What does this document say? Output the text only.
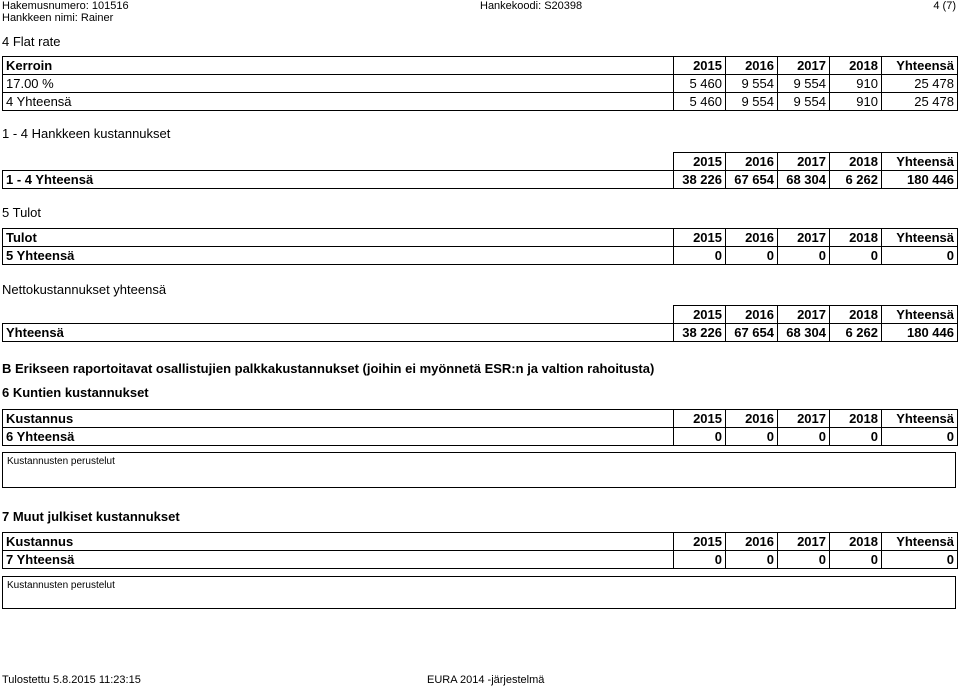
Hakemusnumero: 101516	Hankekoodi: S20398	4 (7)
Hankkeen nimi: Rainer
4 Flat rate
Kerroin	2015	2016	2017	2018	Yhteensä
17.00 %	5 460	9 554	9 554	910	25 478
4 Yhteensä	5 460	9 554	9 554	910	25 478
1 - 4 Hankkeen kustannukset
	2015	2016	2017	2018	Yhteensä
1 - 4 Yhteensä	38 226	67 654	68 304	6 262	180 446
5 Tulot
Tulot	2015	2016	2017	2018	Yhteensä
5 Yhteensä	0	0	0	0	0
Nettokustannukset yhteensä
	2015	2016	2017	2018	Yhteensä
Yhteensä	38 226	67 654	68 304	6 262	180 446
B Erikseen raportoitavat osallistujien palkkakustannukset (joihin ei myönnetä ESR:n ja valtion rahoitusta)
6 Kuntien kustannukset
Kustannus	2015	2016	2017	2018	Yhteensä
6 Yhteensä	0	0	0	0	0
Kustannusten perustelut
7 Muut julkiset kustannukset
Kustannus	2015	2016	2017	2018	Yhteensä
7 Yhteensä	0	0	0	0	0
Kustannusten perustelut
Tulostettu 5.8.2015 11:23:15	EURA 2014 -järjestelmä
